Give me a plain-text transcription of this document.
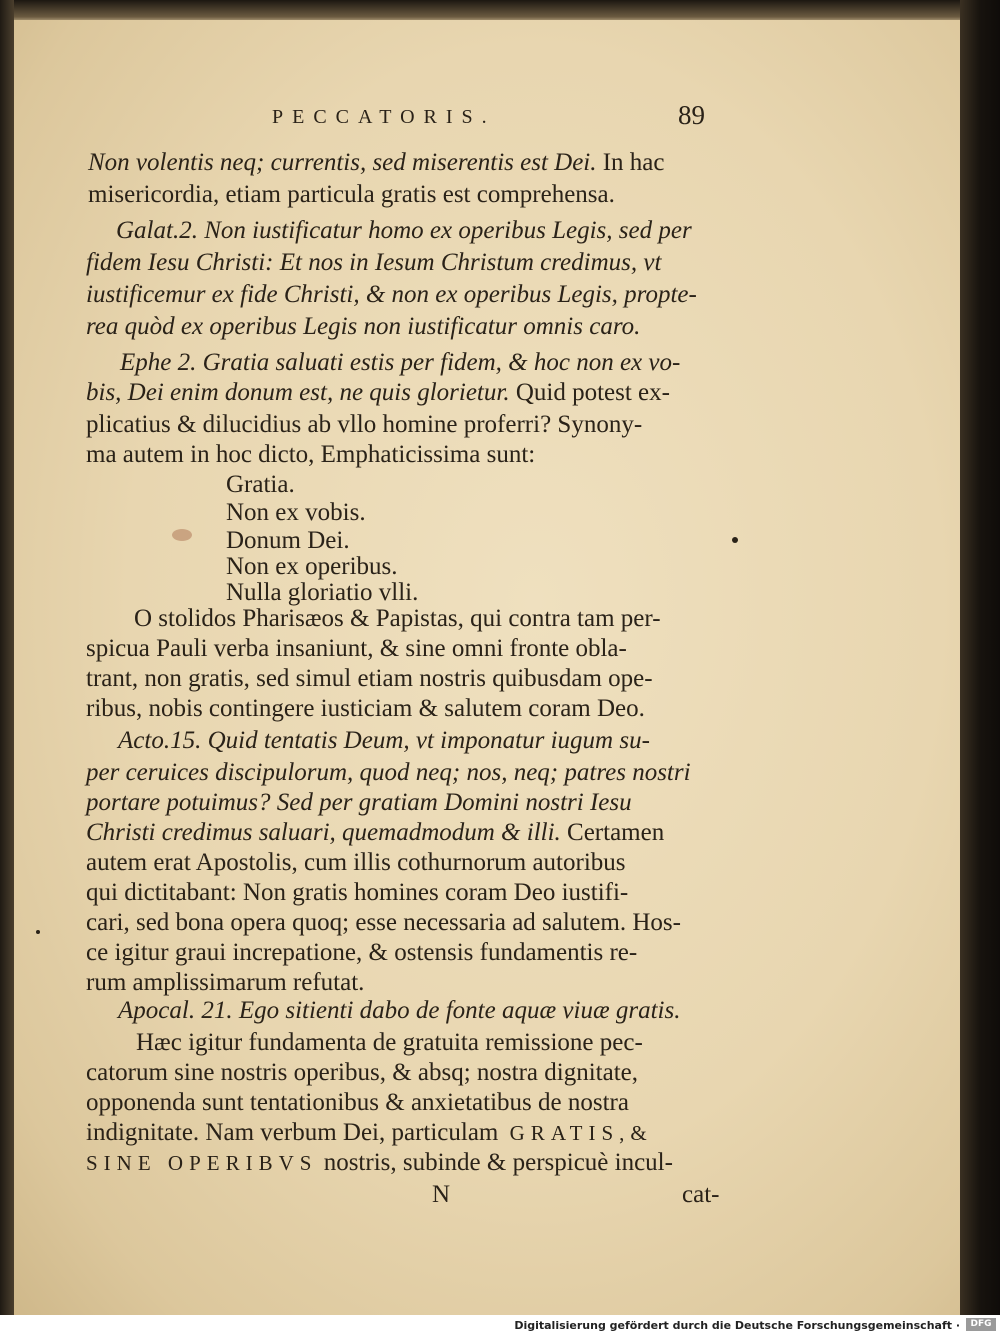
PECCATORIS.	89
Non volentis neq; currentis, sed miserentis est Dei. In hac
misericordia, etiam particula gratis est comprehensa.
Galat.2. Non iustificatur homo ex operibus Legis, sed per
fidem Iesu Christi: Et nos in Iesum Christum credimus, vt
iustificemur ex fide Christi, & non ex operibus Legis, propte-
rea quòd ex operibus Legis non iustificatur omnis caro.
Ephe 2. Gratia saluati estis per fidem, & hoc non ex vo-
bis, Dei enim donum est, ne quis glorietur. Quid potest ex-
plicatius & dilucidius ab vllo homine proferri? Synony-
ma autem in hoc dicto, Emphaticissima sunt:
Gratia.
Non ex vobis.
Donum Dei.
Non ex operibus.
Nulla gloriatio vlli.
O stolidos Pharisæos & Papistas, qui contra tam per-
spicua Pauli verba insaniunt, & sine omni fronte obla-
trant, non gratis, sed simul etiam nostris quibusdam ope-
ribus, nobis contingere iusticiam & salutem coram Deo.
Acto.15. Quid tentatis Deum, vt imponatur iugum su-
per ceruices discipulorum, quod neq; nos, neq; patres nostri
portare potuimus? Sed per gratiam Domini nostri Iesu
Christi credimus saluari, quemadmodum & illi. Certamen
autem erat Apostolis, cum illis cothurnorum autoribus
qui dictitabant: Non gratis homines coram Deo iustifi-
cari, sed bona opera quoq; esse necessaria ad salutem. Hos-
ce igitur graui increpatione, & ostensis fundamentis re-
rum amplissimarum refutat.
Apocal. 21. Ego sitienti dabo de fonte aquæ viuæ gratis.
Hæc igitur fundamenta de gratuita remissione pec-
catorum sine nostris operibus, & absq; nostra dignitate,
opponenda sunt tentationibus & anxietatibus de nostra
indignitate. Nam verbum Dei, particulam GRATIS,&
SINE OPERIBVS nostris, subinde & perspicuè incul-
N	cat-
Digitalisierung gefördert durch die Deutsche Forschungsgemeinschaft ·	DFG
